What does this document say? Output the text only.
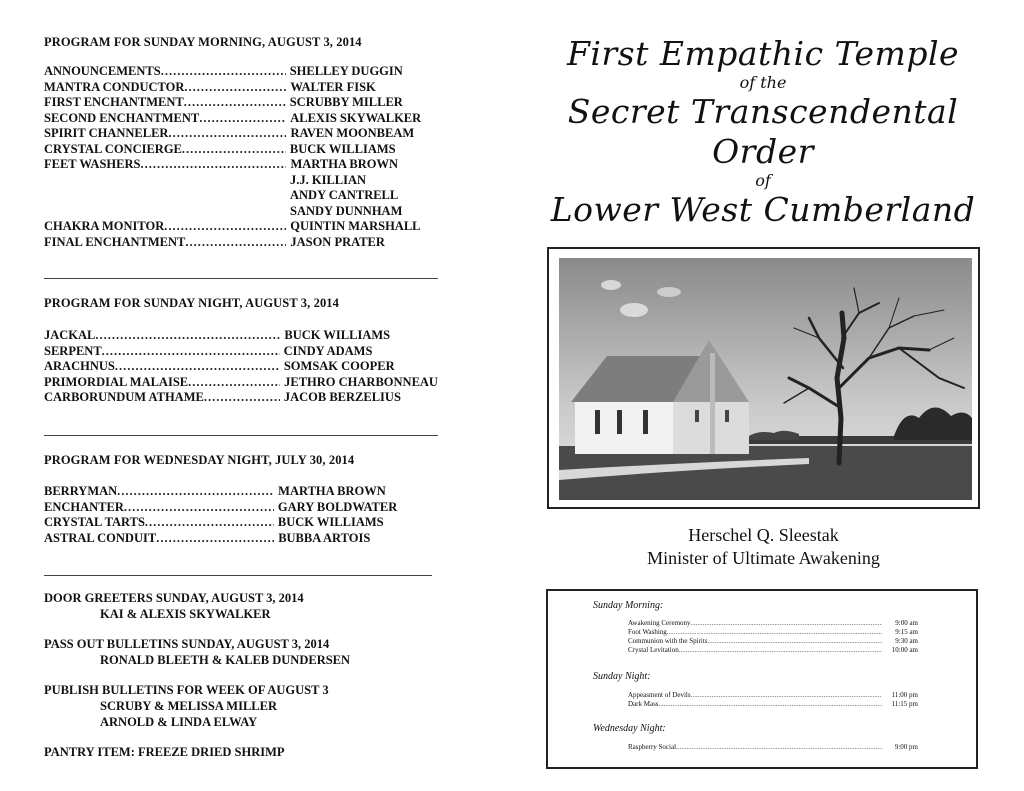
PROGRAM FOR SUNDAY MORNING, AUGUST 3, 2014
ANNOUNCEMENTS .....	SHELLEY DUGGIN
MANTRA CONDUCTOR .....	WALTER FISK
FIRST ENCHANTMENT .....	SCRUBBY MILLER
SECOND ENCHANTMENT .....	ALEXIS SKYWALKER
SPIRIT CHANNELER .....	RAVEN MOONBEAM
CRYSTAL CONCIERGE .....	BUCK WILLIAMS
FEET WASHERS .....	MARTHA BROWN
J.J. KILLIAN
ANDY CANTRELL
SANDY DUNNHAM
CHAKRA MONITOR .....	QUINTIN MARSHALL
FINAL ENCHANTMENT .....	JASON PRATER
PROGRAM FOR SUNDAY NIGHT, AUGUST 3, 2014
JACKAL .....	BUCK WILLIAMS
SERPENT .....	CINDY ADAMS
ARACHNUS .....	SOMSAK COOPER
PRIMORDIAL MALAISE .....	JETHRO CHARBONNEAU
CARBORUNDUM ATHAME .....	JACOB BERZELIUS
PROGRAM FOR WEDNESDAY NIGHT, JULY 30, 2014
BERRYMAN .....	MARTHA BROWN
ENCHANTER .....	GARY BOLDWATER
CRYSTAL TARTS .....	BUCK WILLIAMS
ASTRAL CONDUIT .....	BUBBA ARTOIS
DOOR GREETERS SUNDAY, AUGUST 3, 2014
KAI & ALEXIS SKYWALKER
PASS OUT BULLETINS SUNDAY, AUGUST 3, 2014
RONALD BLEETH & KALEB DUNDERSEN
PUBLISH BULLETINS FOR WEEK OF AUGUST 3
SCRUBY & MELISSA MILLER
ARNOLD & LINDA ELWAY
PANTRY ITEM: FREEZE DRIED SHRIMP
First Empathic Temple
of the
Secret Transcendental Order
of
Lower West Cumberland
Herschel Q. Sleestak
Minister of Ultimate Awakening
Sunday Morning:
Awakening Ceremony .....	9:00 am
Foot Washing .....	9:15 am
Communion with the Spirits .....	9:30 am
Crystal Levitation .....	10:00 am
Sunday Night:
Appeasment of Devils .....	11:00 pm
Dark Mass .....	11:15 pm
Wednesday Night:
Raspberry Social .....	9:00 pm
